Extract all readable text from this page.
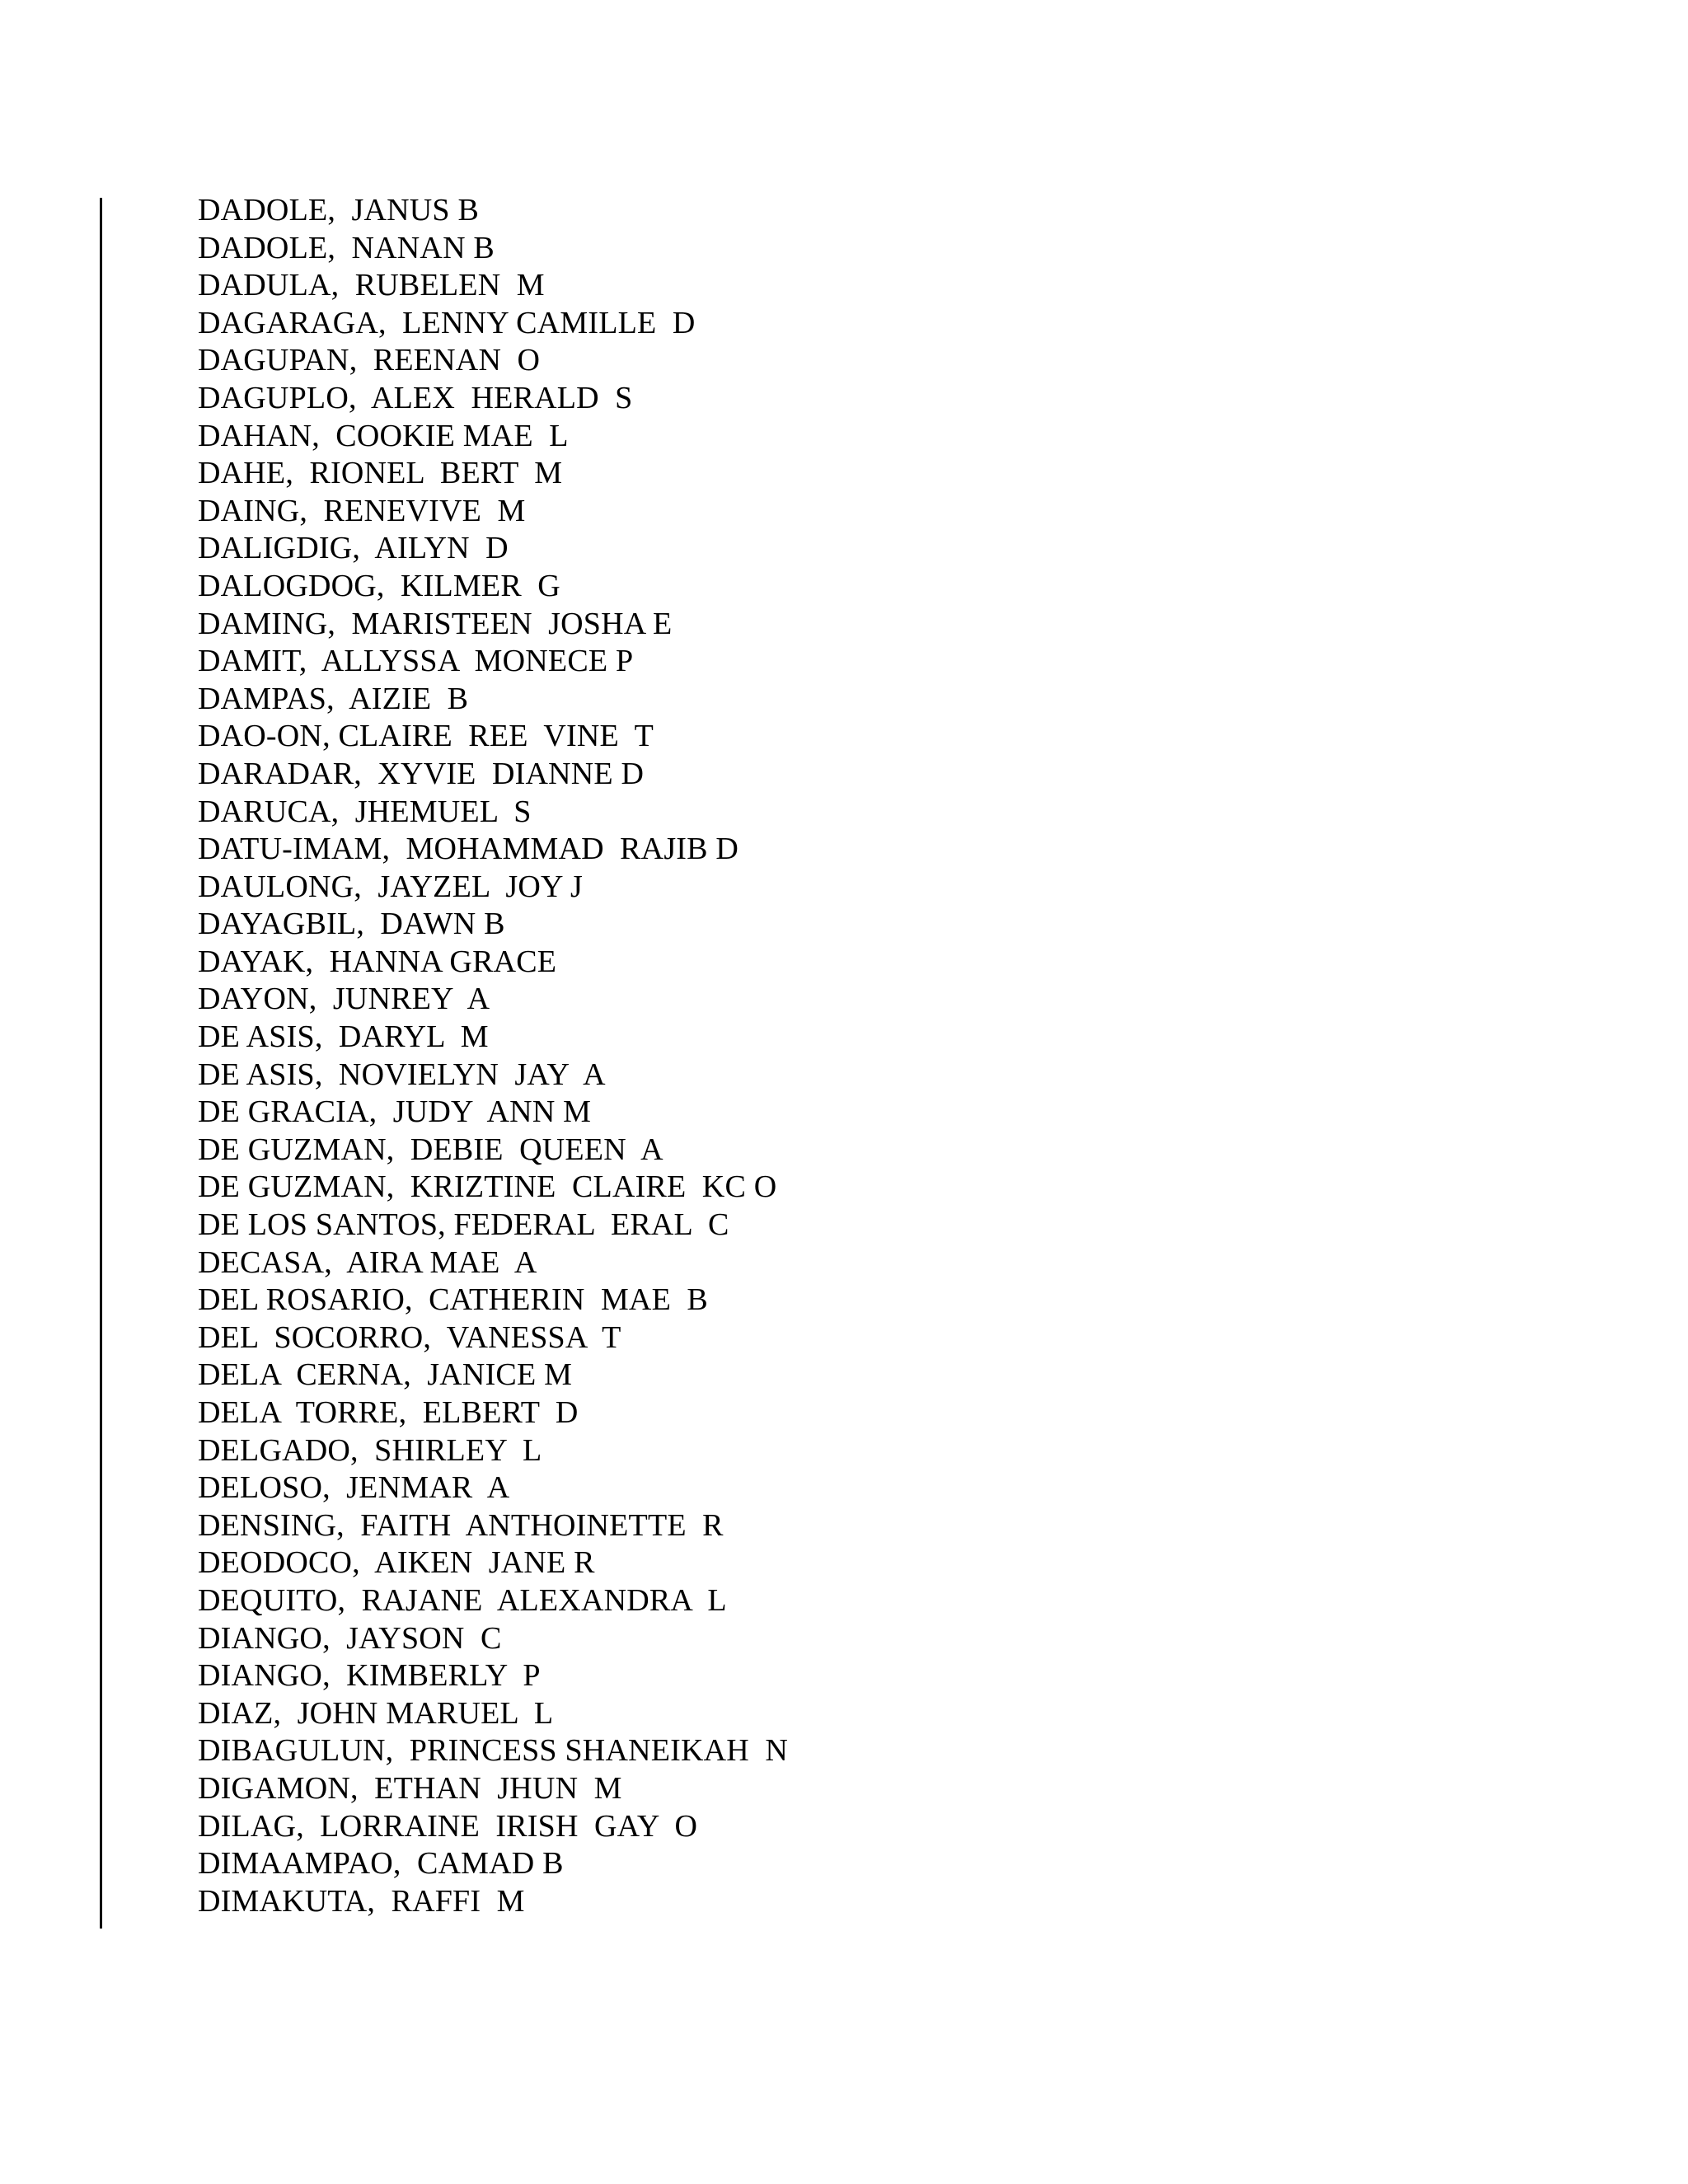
DADOLE,  JANUS B
DADOLE,  NANAN B
DADULA,  RUBELEN  M
DAGARAGA,  LENNY CAMILLE  D
DAGUPAN,  REENAN  O
DAGUPLO,  ALEX  HERALD  S
DAHAN,  COOKIE MAE  L
DAHE,  RIONEL  BERT  M
DAING,  RENEVIVE  M
DALIGDIG,  AILYN  D
DALOGDOG,  KILMER  G
DAMING,  MARISTEEN  JOSHA E
DAMIT,  ALLYSSA  MONECE P
DAMPAS,  AIZIE  B
DAO-ON, CLAIRE  REE  VINE  T
DARADAR,  XYVIE  DIANNE D
DARUCA,  JHEMUEL  S
DATU-IMAM,  MOHAMMAD  RAJIB D
DAULONG,  JAYZEL  JOY J
DAYAGBIL,  DAWN B
DAYAK,  HANNA GRACE
DAYON,  JUNREY  A
DE ASIS,  DARYL  M
DE ASIS,  NOVIELYN  JAY  A
DE GRACIA,  JUDY  ANN M
DE GUZMAN,  DEBIE  QUEEN  A
DE GUZMAN,  KRIZTINE  CLAIRE  KC O
DE LOS SANTOS, FEDERAL  ERAL  C
DECASA,  AIRA MAE  A
DEL ROSARIO,  CATHERIN  MAE  B
DEL  SOCORRO,  VANESSA  T
DELA  CERNA,  JANICE M
DELA  TORRE,  ELBERT  D
DELGADO,  SHIRLEY  L
DELOSO,  JENMAR  A
DENSING,  FAITH  ANTHOINETTE  R
DEODOCO,  AIKEN  JANE R
DEQUITO,  RAJANE  ALEXANDRA  L
DIANGO,  JAYSON  C
DIANGO,  KIMBERLY  P
DIAZ,  JOHN MARUEL  L
DIBAGULUN,  PRINCESS SHANEIKAH  N
DIGAMON,  ETHAN  JHUN  M
DILAG,  LORRAINE  IRISH  GAY  O
DIMAAMPAO,  CAMAD B
DIMAKUTA,  RAFFI  M
